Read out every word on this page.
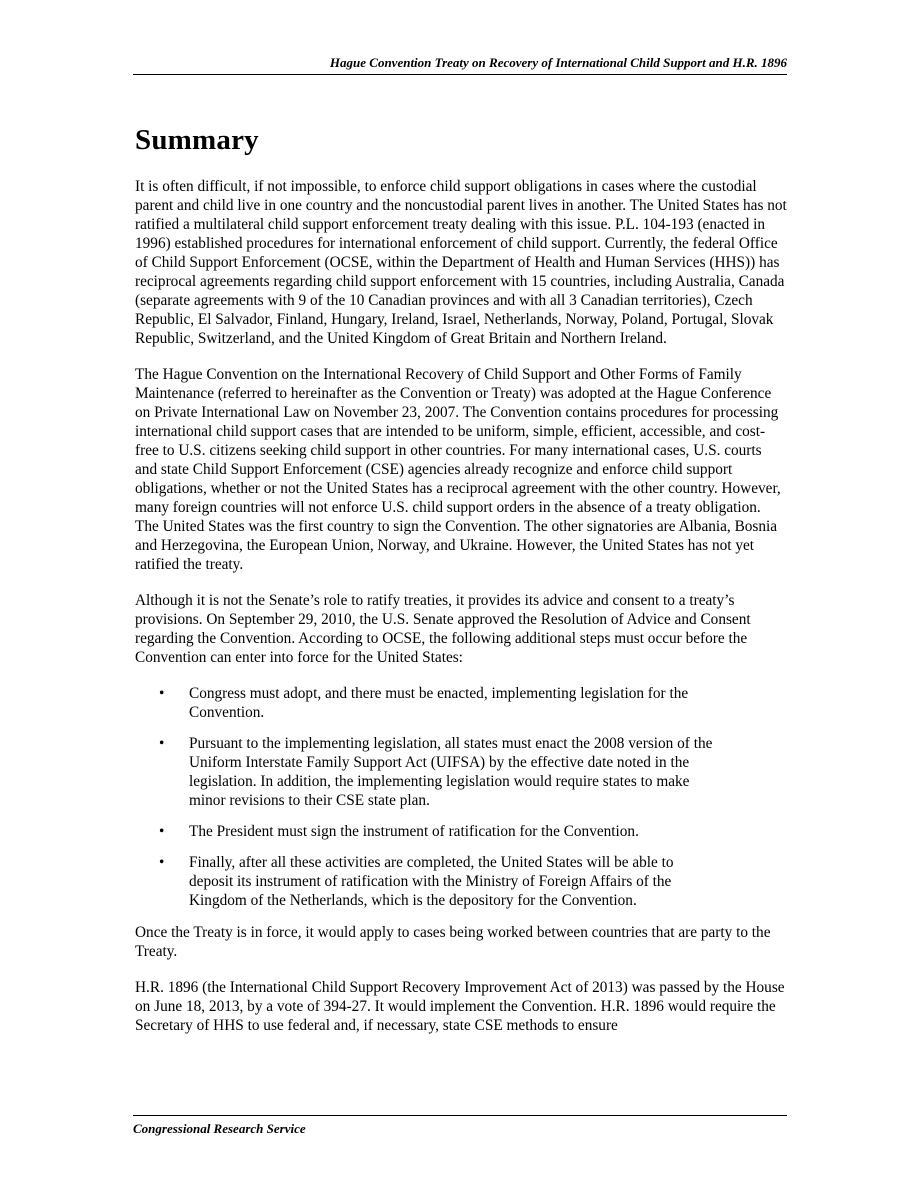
Hague Convention Treaty on Recovery of International Child Support and H.R. 1896
Summary

It is often difficult, if not impossible, to enforce child support obligations in cases where the custodial parent and child live in one country and the noncustodial parent lives in another. The United States has not ratified a multilateral child support enforcement treaty dealing with this issue. P.L. 104-193 (enacted in 1996) established procedures for international enforcement of child support. Currently, the federal Office of Child Support Enforcement (OCSE, within the Department of Health and Human Services (HHS)) has reciprocal agreements regarding child support enforcement with 15 countries, including Australia, Canada (separate agreements with 9 of the 10 Canadian provinces and with all 3 Canadian territories), Czech Republic, El Salvador, Finland, Hungary, Ireland, Israel, Netherlands, Norway, Poland, Portugal, Slovak Republic, Switzerland, and the United Kingdom of Great Britain and Northern Ireland.

The Hague Convention on the International Recovery of Child Support and Other Forms of Family Maintenance (referred to hereinafter as the Convention or Treaty) was adopted at the Hague Conference on Private International Law on November 23, 2007. The Convention contains procedures for processing international child support cases that are intended to be uniform, simple, efficient, accessible, and cost-free to U.S. citizens seeking child support in other countries. For many international cases, U.S. courts and state Child Support Enforcement (CSE) agencies already recognize and enforce child support obligations, whether or not the United States has a reciprocal agreement with the other country. However, many foreign countries will not enforce U.S. child support orders in the absence of a treaty obligation. The United States was the first country to sign the Convention. The other signatories are Albania, Bosnia and Herzegovina, the European Union, Norway, and Ukraine. However, the United States has not yet ratified the treaty.

Although it is not the Senate’s role to ratify treaties, it provides its advice and consent to a treaty’s provisions. On September 29, 2010, the U.S. Senate approved the Resolution of Advice and Consent regarding the Convention. According to OCSE, the following additional steps must occur before the Convention can enter into force for the United States:

• Congress must adopt, and there must be enacted, implementing legislation for the Convention.
• Pursuant to the implementing legislation, all states must enact the 2008 version of the Uniform Interstate Family Support Act (UIFSA) by the effective date noted in the legislation. In addition, the implementing legislation would require states to make minor revisions to their CSE state plan.
• The President must sign the instrument of ratification for the Convention.
• Finally, after all these activities are completed, the United States will be able to deposit its instrument of ratification with the Ministry of Foreign Affairs of the Kingdom of the Netherlands, which is the depository for the Convention.

Once the Treaty is in force, it would apply to cases being worked between countries that are party to the Treaty.

H.R. 1896 (the International Child Support Recovery Improvement Act of 2013) was passed by the House on June 18, 2013, by a vote of 394-27. It would implement the Convention. H.R. 1896 would require the Secretary of HHS to use federal and, if necessary, state CSE methods to ensure

Congressional Research Service
